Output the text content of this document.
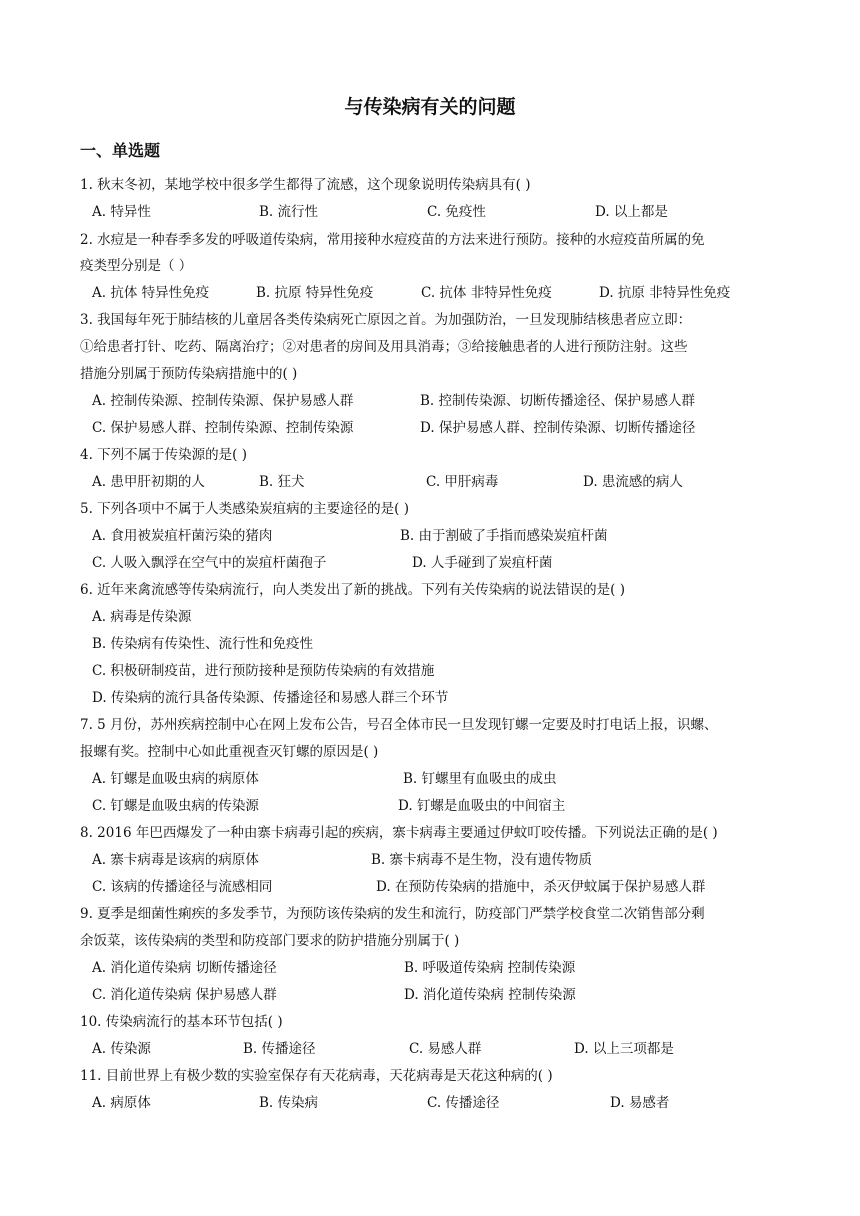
与传染病有关的问题
一、单选题
1. 秋末冬初，某地学校中很多学生都得了流感，这个现象说明传染病具有( )
A. 特异性	B. 流行性	C. 免疫性	D. 以上都是
2. 水痘是一种春季多发的呼吸道传染病，常用接种水痘疫苗的方法来进行预防。接种的水痘疫苗所属的免
疫类型分别是（ ）
A. 抗体 特异性免疫	B. 抗原 特异性免疫	C. 抗体 非特异性免疫	D. 抗原 非特异性免疫
3. 我国每年死于肺结核的儿童居各类传染病死亡原因之首。为加强防治，一旦发现肺结核患者应立即：
①给患者打针、吃药、隔离治疗；②对患者的房间及用具消毒；③给接触患者的人进行预防注射。这些
措施分别属于预防传染病措施中的( )
A. 控制传染源、控制传染源、保护易感人群	B. 控制传染源、切断传播途径、保护易感人群
C. 保护易感人群、控制传染源、控制传染源	D. 保护易感人群、控制传染源、切断传播途径
4. 下列不属于传染源的是( )
A. 患甲肝初期的人	B. 狂犬	C. 甲肝病毒	D. 患流感的病人
5. 下列各项中不属于人类感染炭疽病的主要途径的是( )
A. 食用被炭疽杆菌污染的猪肉	B. 由于割破了手指而感染炭疽杆菌
C. 人吸入飘浮在空气中的炭疽杆菌孢子	D. 人手碰到了炭疽杆菌
6. 近年来禽流感等传染病流行，向人类发出了新的挑战。下列有关传染病的说法错误的是( )
A. 病毒是传染源
B. 传染病有传染性、流行性和免疫性
C. 积极研制疫苗，进行预防接种是预防传染病的有效措施
D. 传染病的流行具备传染源、传播途径和易感人群三个环节
7. 5 月份，苏州疾病控制中心在网上发布公告，号召全体市民一旦发现钉螺一定要及时打电话上报，识螺、
报螺有奖。控制中心如此重视查灭钉螺的原因是( )
A. 钉螺是血吸虫病的病原体	B. 钉螺里有血吸虫的成虫
C. 钉螺是血吸虫病的传染源	D. 钉螺是血吸虫的中间宿主
8. 2016 年巴西爆发了一种由寨卡病毒引起的疾病，寨卡病毒主要通过伊蚊叮咬传播。下列说法正确的是( )
A. 寨卡病毒是该病的病原体	B. 寨卡病毒不是生物，没有遗传物质
C. 该病的传播途径与流感相同	D. 在预防传染病的措施中，杀灭伊蚊属于保护易感人群
9. 夏季是细菌性痢疾的多发季节，为预防该传染病的发生和流行，防疫部门严禁学校食堂二次销售部分剩
余饭菜，该传染病的类型和防疫部门要求的防护措施分别属于( )
A. 消化道传染病 切断传播途径	B. 呼吸道传染病 控制传染源
C. 消化道传染病 保护易感人群	D. 消化道传染病 控制传染源
10. 传染病流行的基本环节包括( )
A. 传染源	B. 传播途径	C. 易感人群	D. 以上三项都是
11. 目前世界上有极少数的实验室保存有天花病毒，天花病毒是天花这种病的( )
A. 病原体	B. 传染病	C. 传播途径	D. 易感者
